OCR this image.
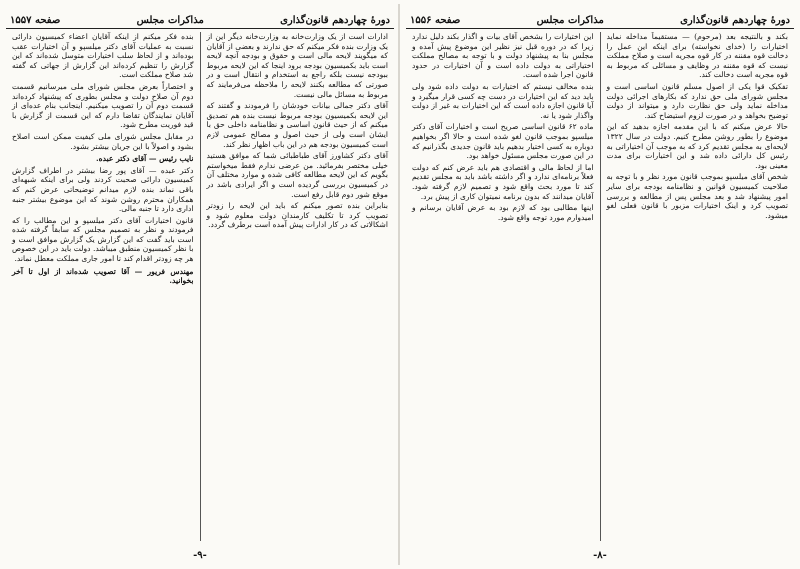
دورهٔ چهاردهم قانون‌گذاری
مذاکرات مجلس
صفحه ۱۵۵۷

ادارات است از یک وزارت‌خانه به وزارت‌خانه دیگر این از یک وزارت بنده فکر میکنم که حق ندارند و بعضی از آقایان که میگویند لایحه مالی است و حقوق و بودجه آنچه لایحه است باید بکمیسیون بودجه برود اینجا که این لایحه مربوط ببودجه نیست بلکه راجع به استخدام و انتقال است و در صورتی که مطالعه بکنند لایحه را ملاحظه می‌فرمایند که مربوط به مسائل مالی نیست.

آقای دکتر جمالی بیانات خودشان را فرمودند و گفتند که این لایحه بکمیسیون بودجه مربوط نیست بنده هم تصدیق میکنم که از حیث قانون اساسی و نظامنامه داخلی حق با ایشان است ولی از حیث اصول و مصالح عمومی لازم است کمیسیون بودجه هم در این باب اظهار نظر کند.

آقای دکتر کشاورز آقای طباطبائی شما که موافق هستید خیلی مختصر بفرمائید. من عرضی ندارم فقط میخواستم بگویم که این لایحه مطالعه کافی شده و موارد مختلف آن در کمیسیون بررسی گردیده است و اگر ایرادی باشد در موقع شور دوم قابل رفع است.

بنابراین بنده تصور میکنم که باید این لایحه را زودتر تصویب کرد تا تکلیف کارمندان دولت معلوم شود و اشکالاتی که در کار ادارات پیش آمده است برطرف گردد.

بنده فکر میکنم از اینکه آقایان اعضاء کمیسیون دارائی نسبت به عملیات آقای دکتر میلسپو و آن اختیارات عقب بوده‌اند و از لحاظ سلب اختیارات متوسل شده‌اند که این گزارش را تنظیم کرده‌اند این گزارش از جهاتی که گفته شد صلاح مملکت است.

و اختصاراً بعرض مجلس شورای ملی میرسانیم قسمت دوم آن صلاح دولت و مجلس بطوری که پیشنهاد کرده‌اند قسمت دوم آن را تصویب میکنیم. اینجانب بنام عده‌ای از آقایان نمایندگان تقاضا دارم که این قسمت از گزارش با قید فوریت مطرح شود.

در مقابل مجلس شورای ملی کیفیت ممکن است اصلاح بشود و اصولاً با این جریان بیشتر بشود.

نایب رئیس — آقای دکتر عبده.

دکتر عبده — آقای پور رضا بیشتر در اطراف گزارش کمیسیون دارائی صحبت کردند ولی برای اینکه شبهه‌ای باقی نماند بنده لازم میدانم توضیحاتی عرض کنم که همکاران محترم روشن شوند که این موضوع بیشتر جنبه اداری دارد تا جنبه مالی.

قانون اختیارات آقای دکتر میلسپو و این مطالب را که فرمودند و نظر به تصمیم مجلس که سابقاً گرفته شده است باید گفت که این گزارش یک گزارش موافق است و با نظر کمیسیون منطبق میباشد. دولت باید در این خصوص هر چه زودتر اقدام کند تا امور جاری مملکت معطل نماند.

مهندس فریور — آقا تصویب شده‌اند از اول تا آخر بخوانید.

-۹-
دورهٔ چهاردهم قانون‌گذاری
مذاکرات مجلس
صفحه ۱۵۵۶

بکند و بالنتیجه بعد (مرحوم) — مستقیماً مداخله نماید اختیارات را (خدای نخواسته) برای اینکه این عمل را دخالت قوه مقننه در کار قوه مجریه است و صلاح مملکت نیست که قوه مقننه در وظایف و مسائلی که مربوط به قوه مجریه است دخالت کند.

تفکیک قوا یکی از اصول مسلم قانون اساسی است و مجلس شورای ملی حق ندارد که بکارهای اجرائی دولت مداخله نماید ولی حق نظارت دارد و میتواند از دولت توضیح بخواهد و در صورت لزوم استیضاح کند.

حالا عرض میکنم که با این مقدمه اجازه بدهید که این موضوع را بطور روشن مطرح کنیم. دولت در سال ۱۳۲۲ لایحه‌ای به مجلس تقدیم کرد که به موجب آن اختیاراتی به رئیس کل دارائی داده شد و این اختیارات برای مدت معینی بود.

شخص آقای میلسپو بموجب قانون مورد نظر و با توجه به صلاحیت کمیسیون قوانین و نظامنامه بودجه برای سایر امور پیشنهاد شد و بعد مجلس پس از مطالعه و بررسی تصویب کرد و اینک اختیارات مزبور با قانون فعلی لغو میشود.

این اختیارات را بشخص آقای بیات و اگذار بکند دلیل ندارد زیرا که در دوره قبل نیز نظیر این موضوع پیش آمده و مجلس بنا به پیشنهاد دولت و با توجه به مصالح مملکت اختیاراتی به دولت داده است و آن اختیارات در حدود قانون اجرا شده است.

بنده مخالف نیستم که اختیارات به دولت داده شود ولی باید دید که این اختیارات در دست چه کسی قرار میگیرد و آیا قانون اجازه داده است که این اختیارات به غیر از دولت واگذار شود یا نه.

ماده ۶۲ قانون اساسی صریح است و اختیارات آقای دکتر میلسپو بموجب قانون لغو شده است و حالا اگر بخواهیم دوباره به کسی اختیار بدهیم باید قانون جدیدی بگذرانیم که در این صورت مجلس مسئول خواهد بود.

اما از لحاظ مالی و اقتصادی هم باید عرض کنم که دولت فعلاً برنامه‌ای ندارد و اگر داشته باشد باید به مجلس تقدیم کند تا مورد بحث واقع شود و تصمیم لازم گرفته شود. آقایان میدانند که بدون برنامه نمیتوان کاری از پیش برد.

اینها مطالبی بود که لازم بود به عرض آقایان برسانم و امیدوارم مورد توجه واقع شود.

-۸-
